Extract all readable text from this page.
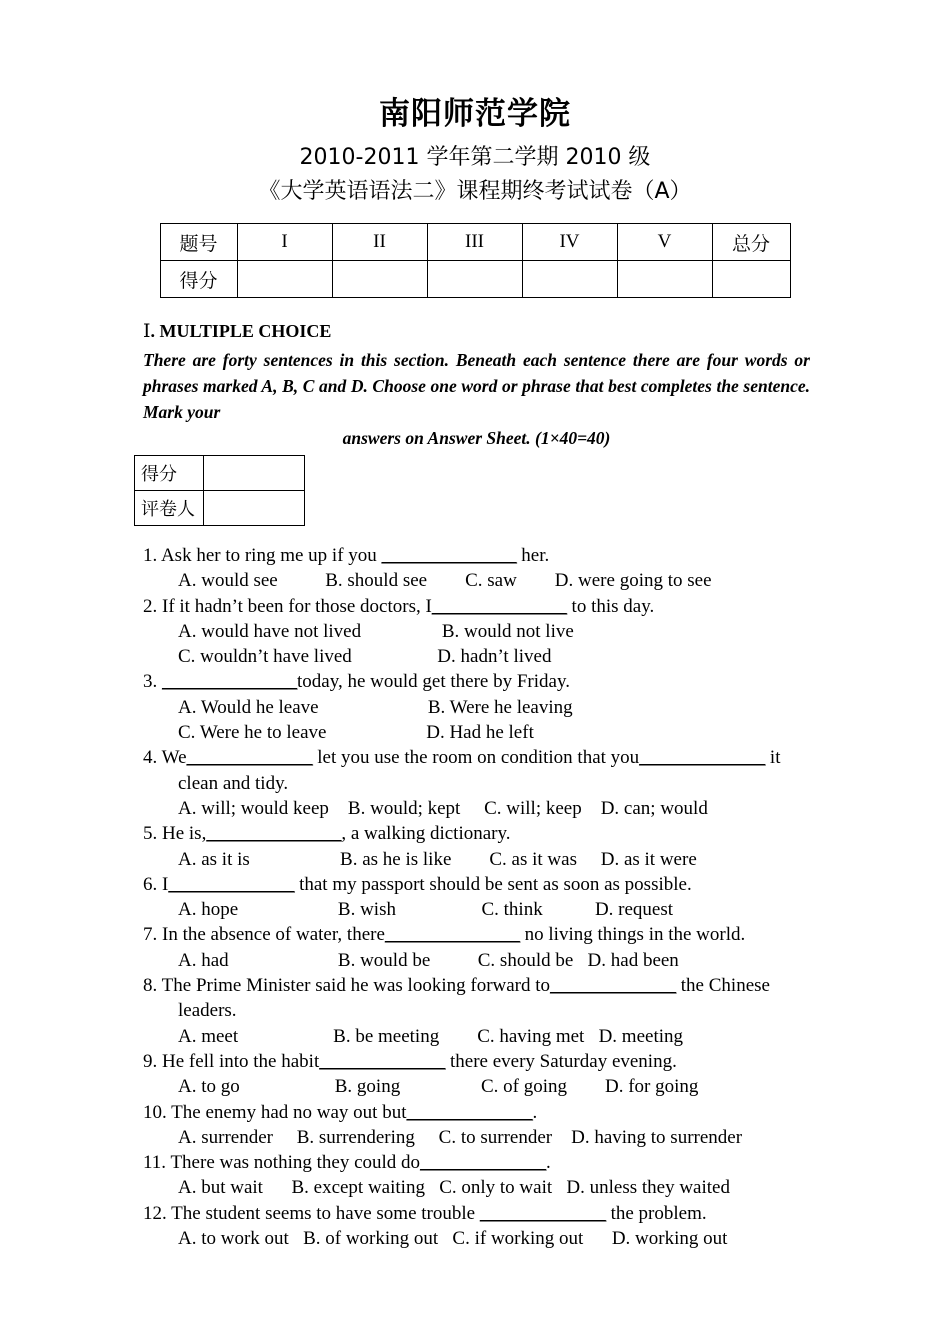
南阳师范学院
2010-2011 学年第二学期 2010 级
《大学英语语法二》课程期终考试试卷（A）
题号	I	II	III	IV	V	总分
得分						
Ⅰ. MULTIPLE CHOICE
There are forty sentences in this section. Beneath each sentence there are four words or phrases marked A, B, C and D. Choose one word or phrase that best completes the sentence. Mark your
answers on Answer Sheet. (1×40=40)
得分	
评卷人	
1. Ask her to ring me up if you _______________ her.
A. would see          B. should see        C. saw        D. were going to see
2. If it hadn’t been for those doctors, I_______________ to this day.
A. would have not lived                 B. would not live
C. wouldn’t have lived                  D. hadn’t lived
3. _______________today, he would get there by Friday.
A. Would he leave                       B. Were he leaving
C. Were he to leave                     D. Had he left
4. We______________ let you use the room on condition that you______________ it
clean and tidy.
A. will; would keep    B. would; kept     C. will; keep    D. can; would
5. He is,_______________, a walking dictionary.
A. as it is                   B. as he is like        C. as it was     D. as it were
6. I______________ that my passport should be sent as soon as possible.
A. hope                     B. wish                  C. think           D. request
7. In the absence of water, there_______________ no living things in the world.
A. had                       B. would be          C. should be   D. had been
8. The Prime Minister said he was looking forward to______________ the Chinese
leaders.
A. meet                    B. be meeting        C. having met   D. meeting
9. He fell into the habit______________ there every Saturday evening.
A. to go                    B. going                 C. of going        D. for going
10. The enemy had no way out but______________.
A. surrender     B. surrendering     C. to surrender    D. having to surrender
11. There was nothing they could do______________.
A. but wait      B. except waiting   C. only to wait   D. unless they waited
12. The student seems to have some trouble ______________ the problem.
A. to work out   B. of working out   C. if working out      D. working out
